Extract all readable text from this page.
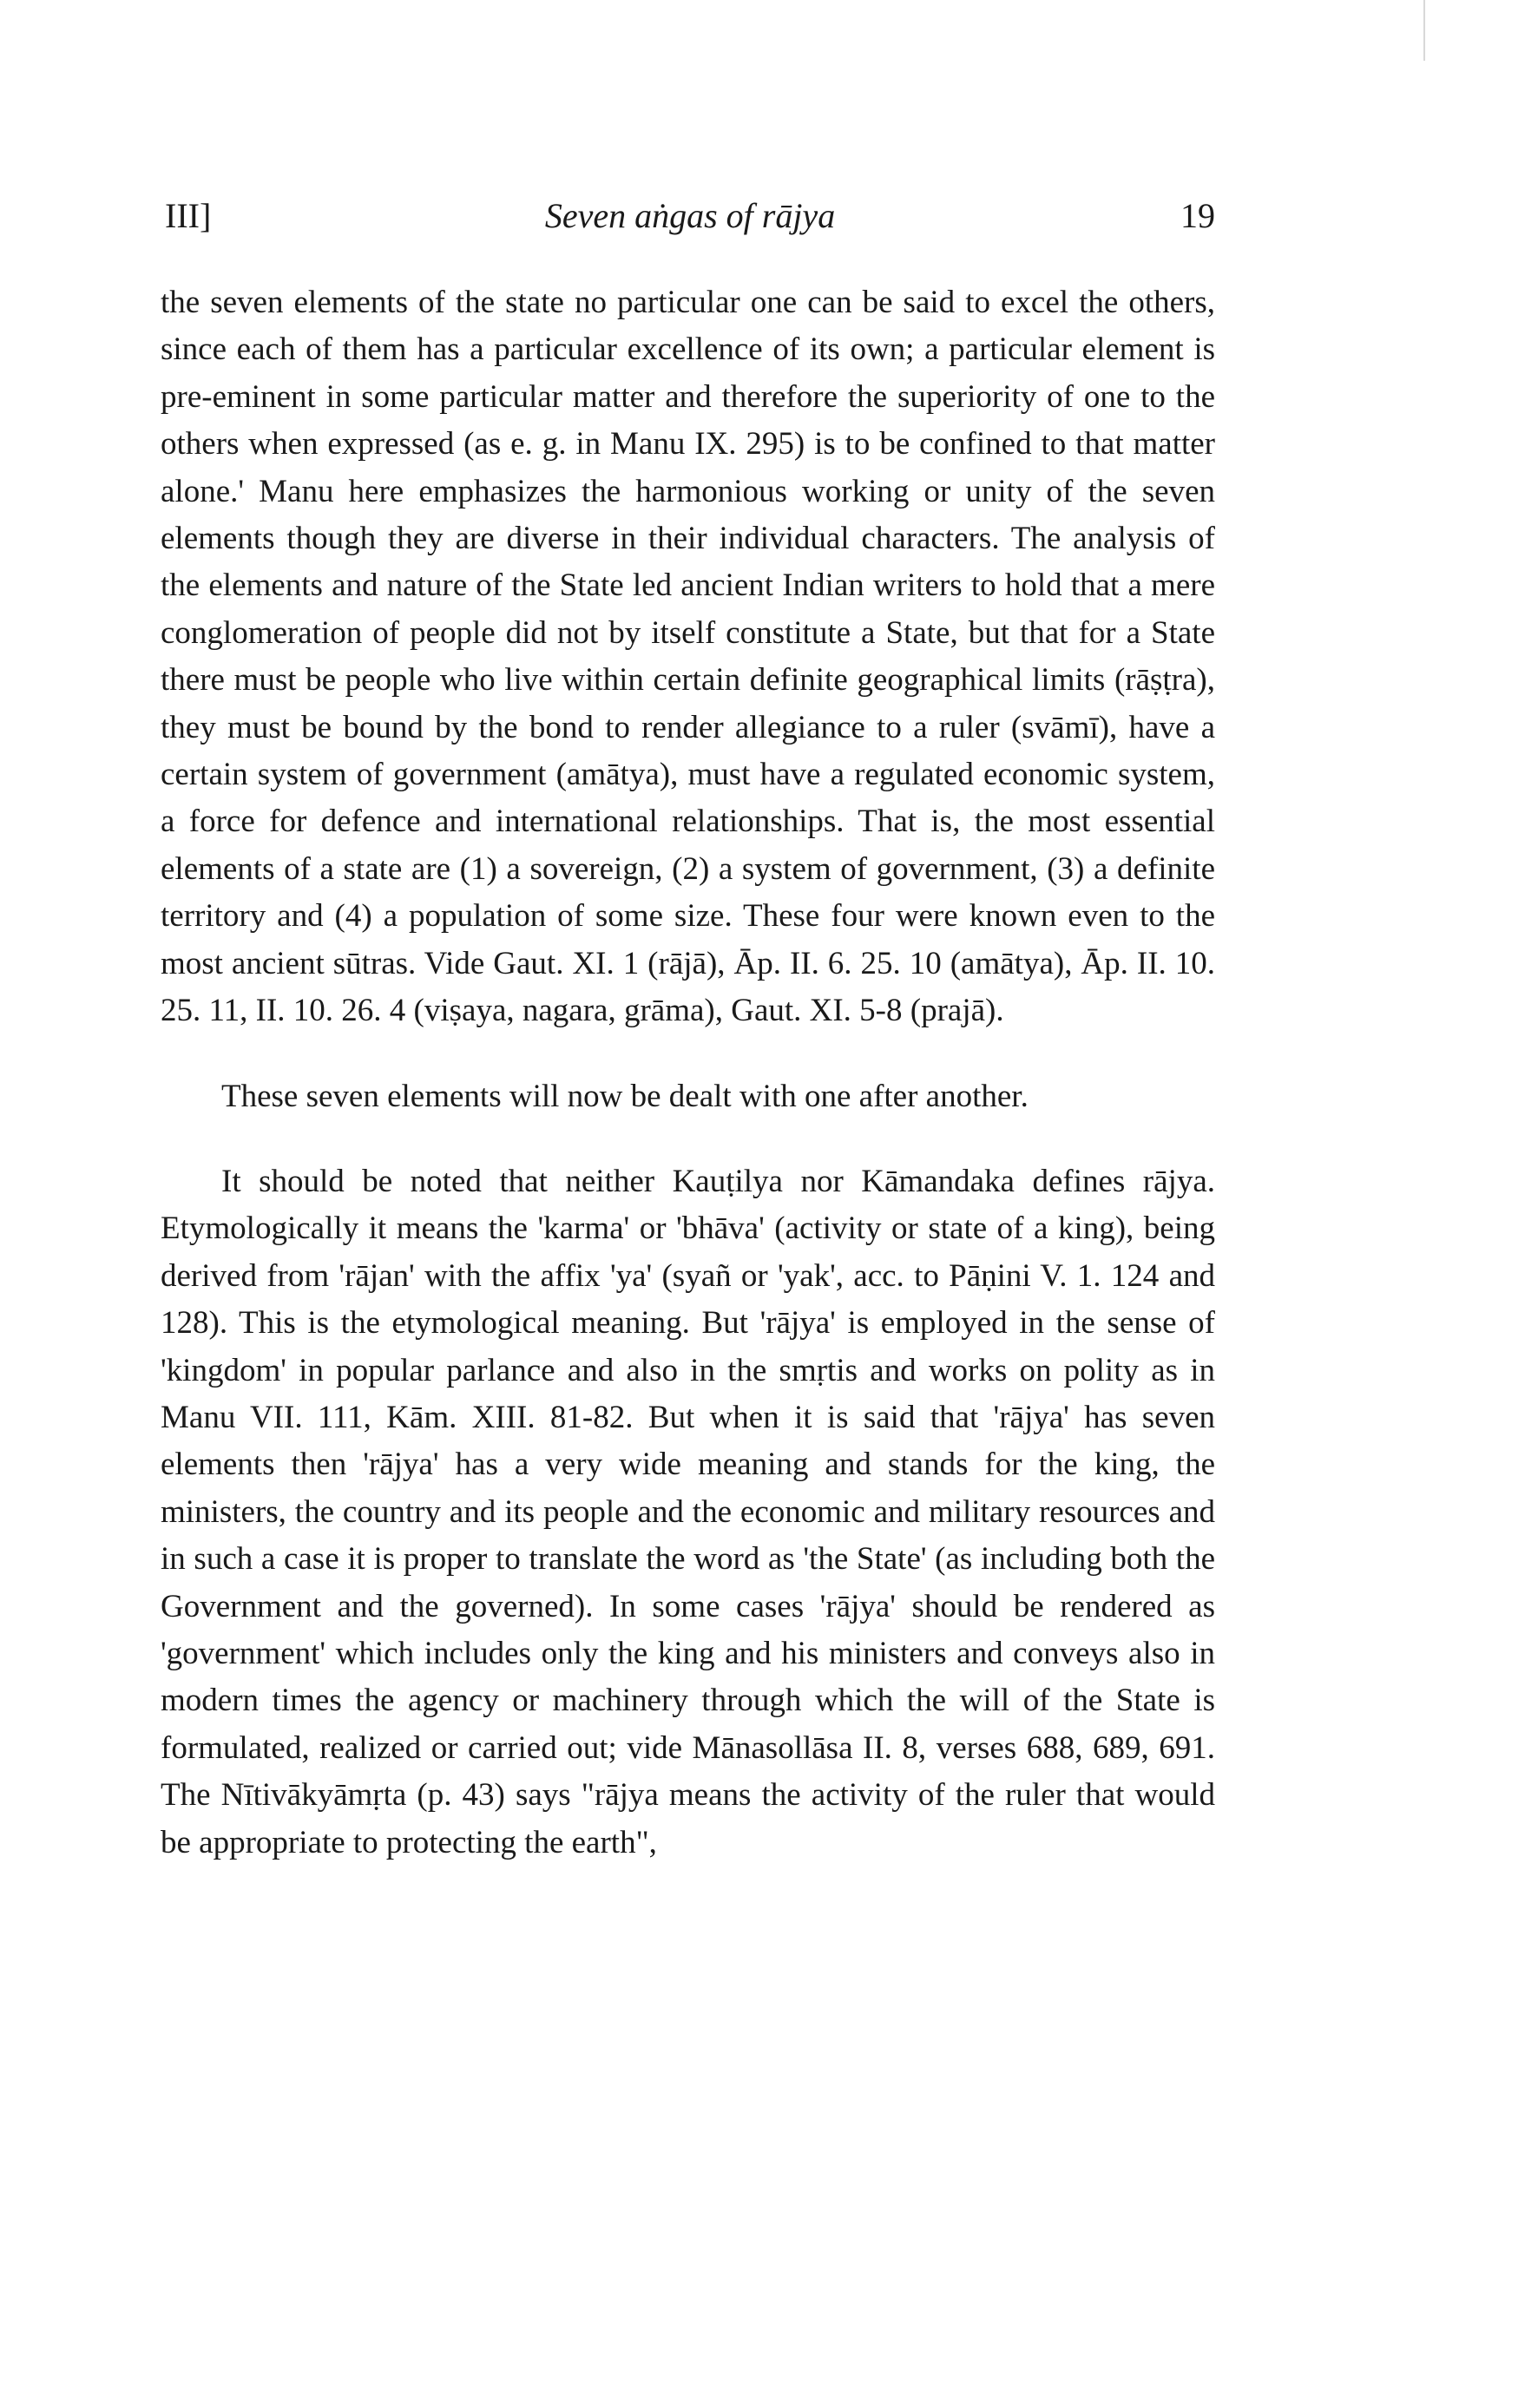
III]	Seven aṅgas of rājya	19

the seven elements of the state no particular one can be said to excel the others, since each of them has a particular excellence of its own; a particular element is pre-eminent in some particular matter and therefore the superiority of one to the others when expressed (as e. g. in Manu IX. 295) is to be confined to that matter alone.' Manu here emphasizes the harmonious working or unity of the seven elements though they are diverse in their individual characters. The analysis of the elements and nature of the State led ancient Indian writers to hold that a mere conglomeration of people did not by itself constitute a State, but that for a State there must be people who live within certain definite geographical limits (rāṣṭra), they must be bound by the bond to render allegiance to a ruler (svāmī), have a certain system of government (amātya), must have a regulated economic system, a force for defence and international relationships. That is, the most essential elements of a state are (1) a sovereign, (2) a system of government, (3) a definite territory and (4) a population of some size. These four were known even to the most ancient sūtras. Vide Gaut. XI. 1 (rājā), Āp. II. 6. 25. 10 (amātya), Āp. II. 10. 25. 11, II. 10. 26. 4 (viṣaya, nagara, grāma), Gaut. XI. 5-8 (prajā).

These seven elements will now be dealt with one after another.

It should be noted that neither Kauṭilya nor Kāmandaka defines rājya. Etymologically it means the 'karma' or 'bhāva' (activity or state of a king), being derived from 'rājan' with the affix 'ya' (syañ or 'yak', acc. to Pāṇini V. 1. 124 and 128). This is the etymological meaning. But 'rājya' is employed in the sense of 'kingdom' in popular parlance and also in the smṛtis and works on polity as in Manu VII. 111, Kām. XIII. 81-82. But when it is said that 'rājya' has seven elements then 'rājya' has a very wide meaning and stands for the king, the ministers, the country and its people and the economic and military resources and in such a case it is proper to translate the word as 'the State' (as including both the Government and the governed). In some cases 'rājya' should be rendered as 'government' which includes only the king and his ministers and conveys also in modern times the agency or machinery through which the will of the State is formulated, realized or carried out; vide Mānasollāsa II. 8, verses 688, 689, 691. The Nītivākyāmṛta (p. 43) says "rājya means the activity of the ruler that would be appropriate to protecting the earth",
